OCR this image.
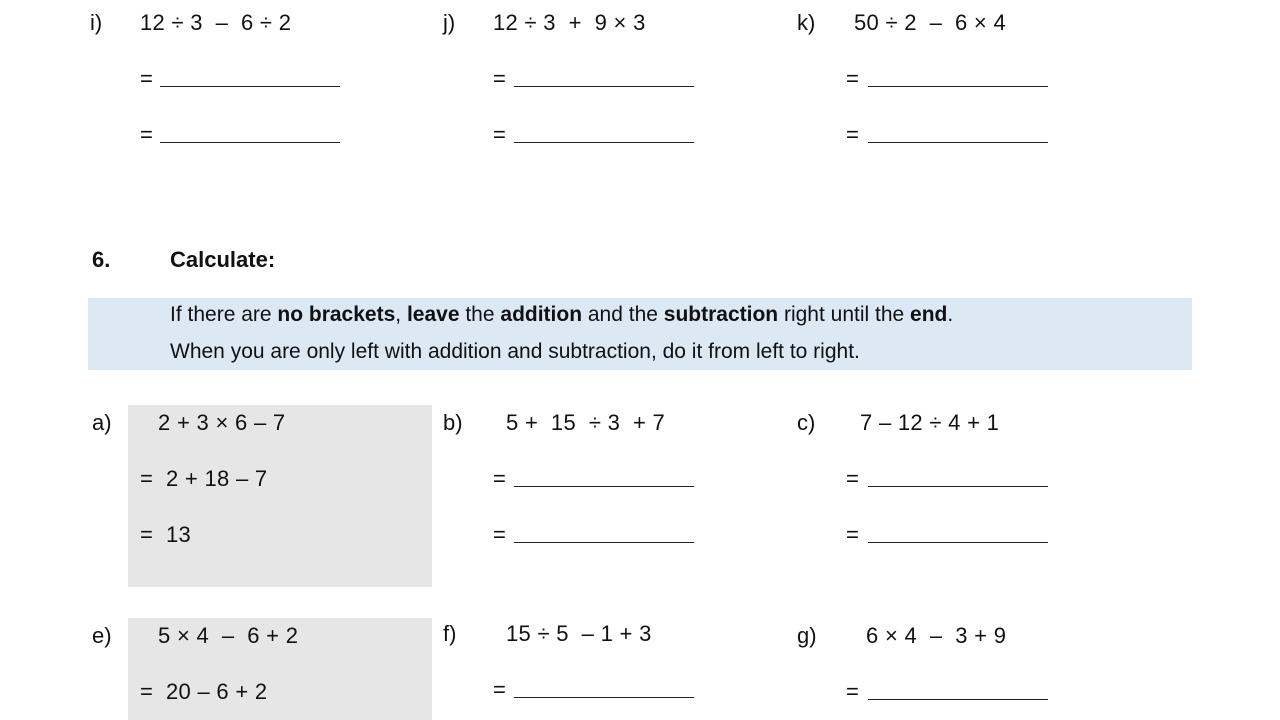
i) 12 ÷ 3  –  6 ÷ 2
=
=
j) 12 ÷ 3  +  9 × 3
=
=
k) 50 ÷ 2  –  6 × 4
=
=
6.	Calculate:
If there are no brackets, leave the addition and the subtraction right until the end.
When you are only left with addition and subtraction, do it from left to right.
a) 2 + 3 × 6 – 7
=  2 + 18 – 7
=  13
b) 5 +  15  ÷ 3  + 7
=
=
c) 7 – 12 ÷ 4 + 1
=
=
e) 5 × 4  –  6 + 2
=  20 – 6 + 2
f) 15 ÷ 5  – 1 + 3
=
g) 6 × 4  –  3 + 9
=
